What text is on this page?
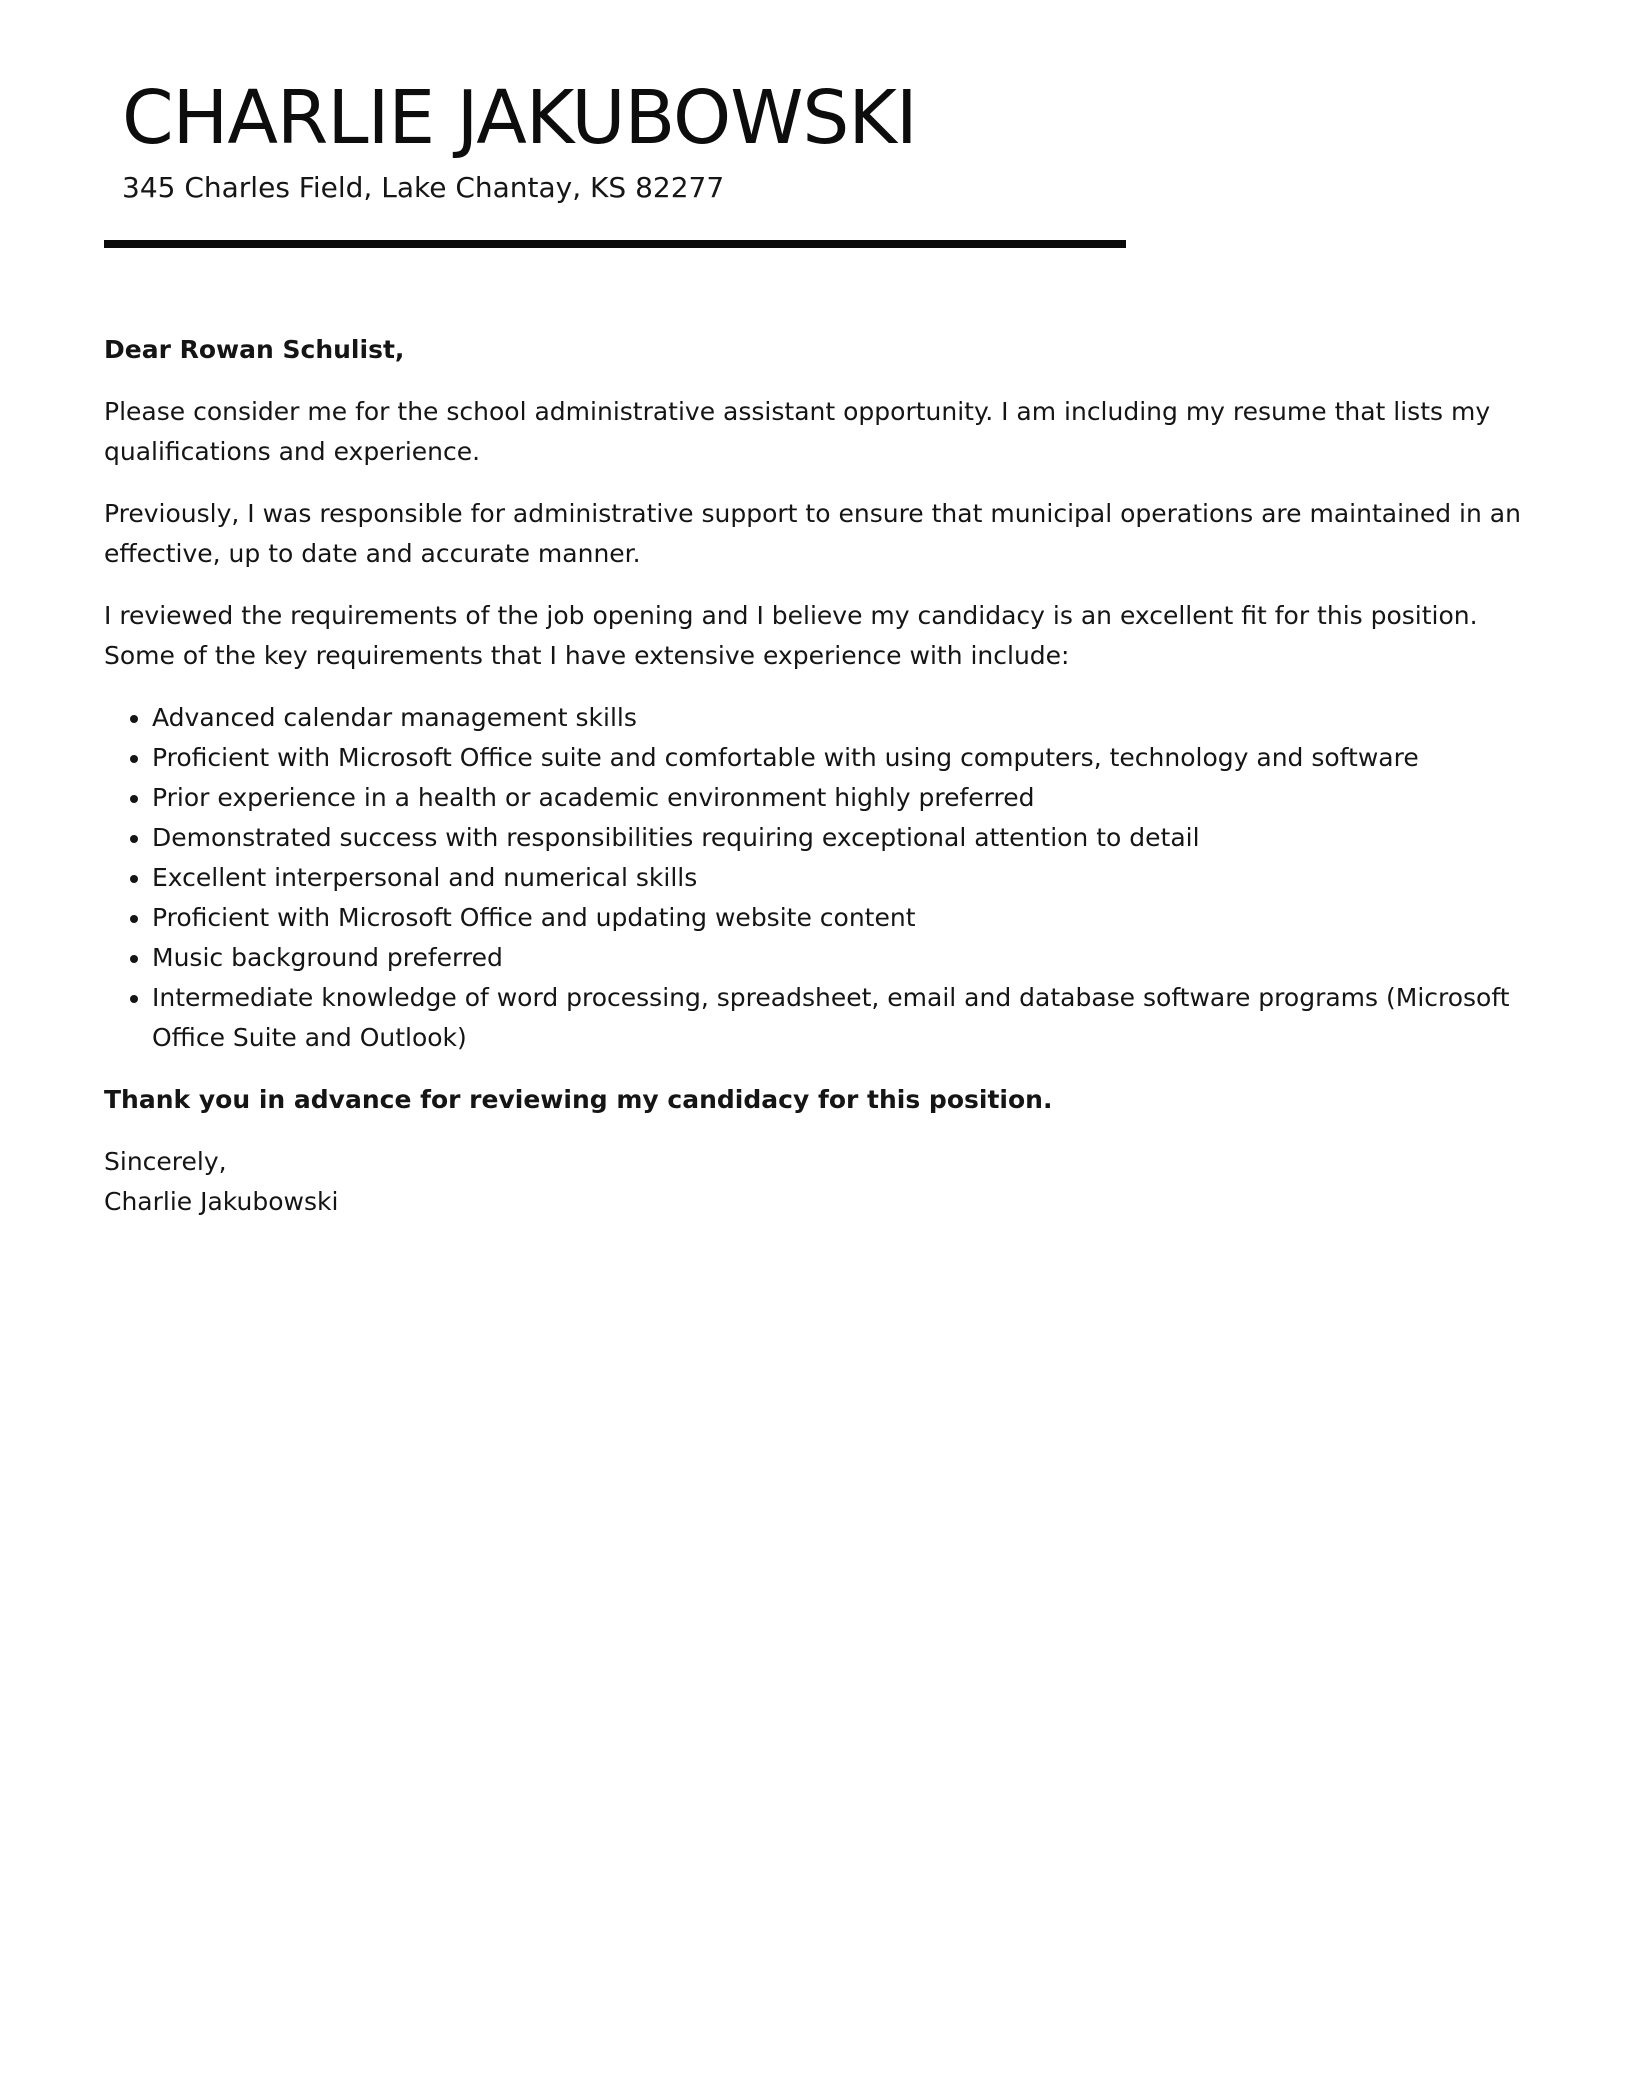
CHARLIE JAKUBOWSKI
345 Charles Field, Lake Chantay, KS 82277

Dear Rowan Schulist,

Please consider me for the school administrative assistant opportunity. I am including my resume that lists my qualifications and experience.

Previously, I was responsible for administrative support to ensure that municipal operations are maintained in an effective, up to date and accurate manner.

I reviewed the requirements of the job opening and I believe my candidacy is an excellent fit for this position. Some of the key requirements that I have extensive experience with include:

• Advanced calendar management skills
• Proficient with Microsoft Office suite and comfortable with using computers, technology and software
• Prior experience in a health or academic environment highly preferred
• Demonstrated success with responsibilities requiring exceptional attention to detail
• Excellent interpersonal and numerical skills
• Proficient with Microsoft Office and updating website content
• Music background preferred
• Intermediate knowledge of word processing, spreadsheet, email and database software programs (Microsoft Office Suite and Outlook)

Thank you in advance for reviewing my candidacy for this position.

Sincerely,
Charlie Jakubowski
